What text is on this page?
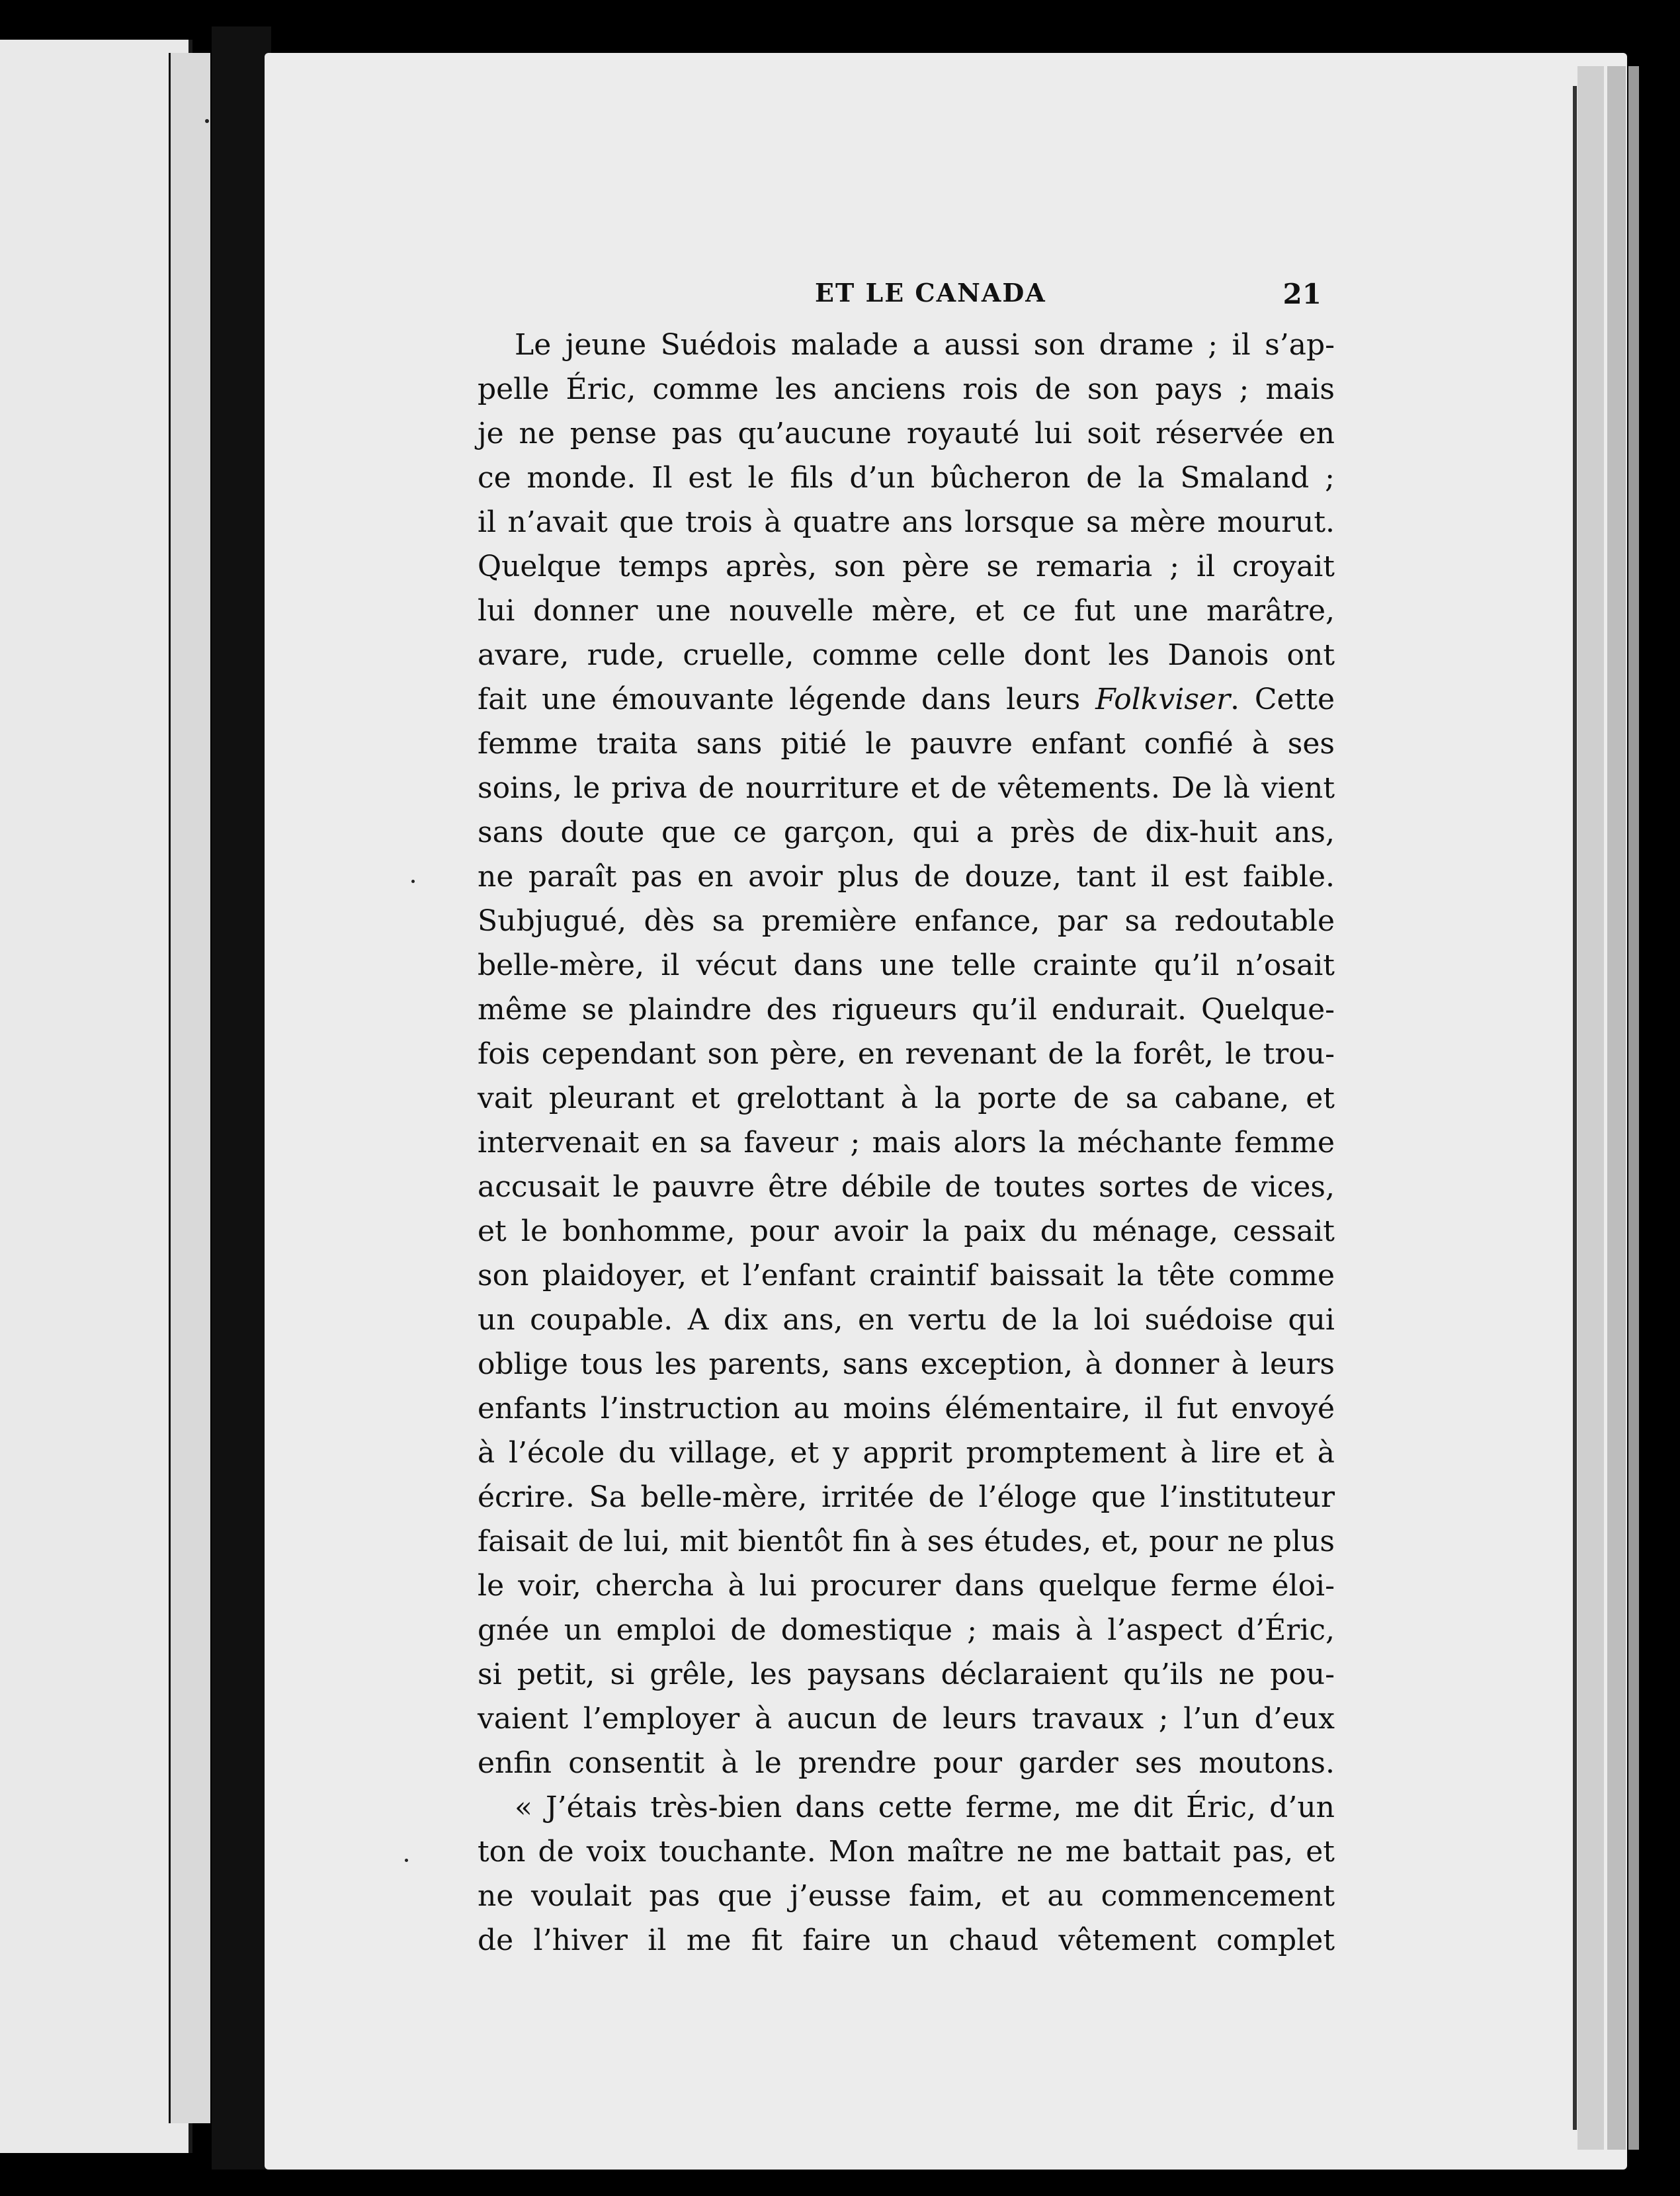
ET LE CANADA	21
Le jeune Suédois malade a aussi son drame ; il s’ap-
pelle Éric, comme les anciens rois de son pays ; mais
je ne pense pas qu’aucune royauté lui soit réservée en
ce monde. Il est le fils d’un bûcheron de la Smaland ;
il n’avait que trois à quatre ans lorsque sa mère mourut.
Quelque temps après, son père se remaria ; il croyait
lui donner une nouvelle mère, et ce fut une marâtre,
avare, rude, cruelle, comme celle dont les Danois ont
fait une émouvante légende dans leurs Folkviser. Cette
femme traita sans pitié le pauvre enfant confié à ses
soins, le priva de nourriture et de vêtements. De là vient
sans doute que ce garçon, qui a près de dix-huit ans,
ne paraît pas en avoir plus de douze, tant il est faible.
Subjugué, dès sa première enfance, par sa redoutable
belle-mère, il vécut dans une telle crainte qu’il n’osait
même se plaindre des rigueurs qu’il endurait. Quelque-
fois cependant son père, en revenant de la forêt, le trou-
vait pleurant et grelottant à la porte de sa cabane, et
intervenait en sa faveur ; mais alors la méchante femme
accusait le pauvre être débile de toutes sortes de vices,
et le bonhomme, pour avoir la paix du ménage, cessait
son plaidoyer, et l’enfant craintif baissait la tête comme
un coupable. A dix ans, en vertu de la loi suédoise qui
oblige tous les parents, sans exception, à donner à leurs
enfants l’instruction au moins élémentaire, il fut envoyé
à l’école du village, et y apprit promptement à lire et à
écrire. Sa belle-mère, irritée de l’éloge que l’instituteur
faisait de lui, mit bientôt fin à ses études, et, pour ne plus
le voir, chercha à lui procurer dans quelque ferme éloi-
gnée un emploi de domestique ; mais à l’aspect d’Éric,
si petit, si grêle, les paysans déclaraient qu’ils ne pou-
vaient l’employer à aucun de leurs travaux ; l’un d’eux
enfin consentit à le prendre pour garder ses moutons.
« J’étais très-bien dans cette ferme, me dit Éric, d’un
ton de voix touchante. Mon maître ne me battait pas, et
ne voulait pas que j’eusse faim, et au commencement
de l’hiver il me fit faire un chaud vêtement complet
